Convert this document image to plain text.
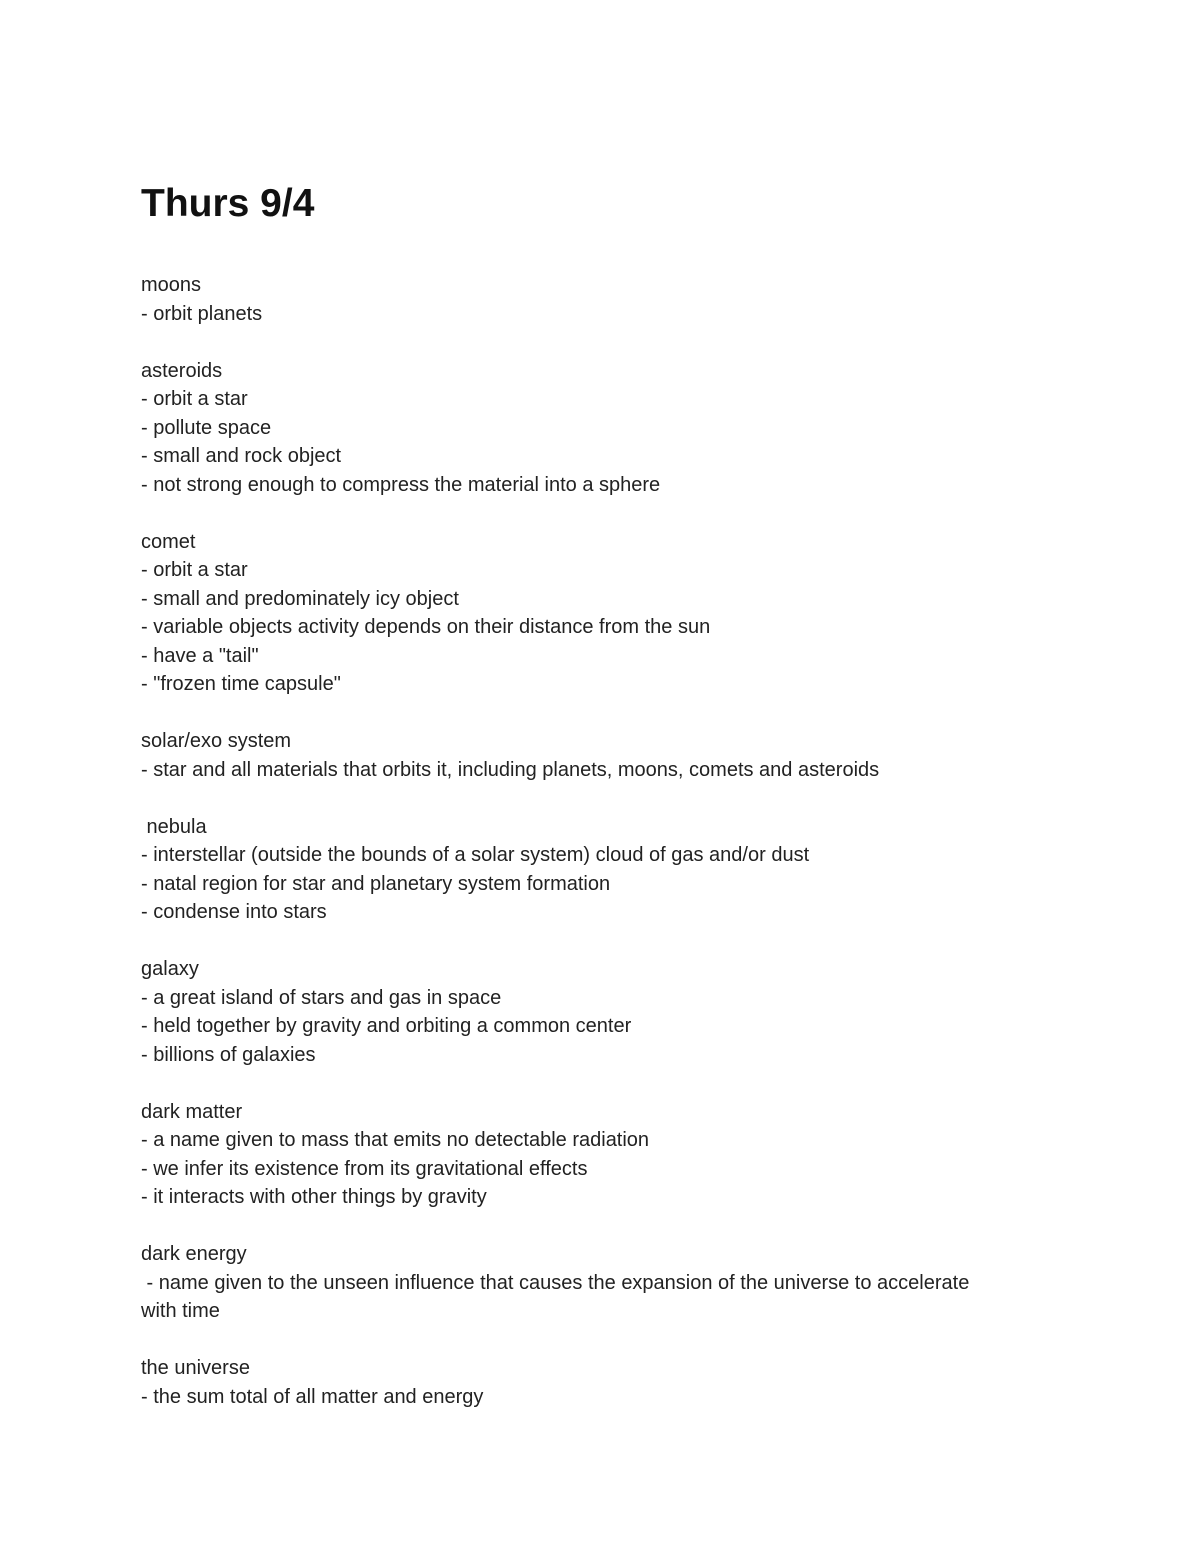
Thurs 9/4
moons
- orbit planets
asteroids
- orbit a star
- pollute space
- small and rock object
- not strong enough to compress the material into a sphere
comet
- orbit a star
- small and predominately icy object
- variable objects activity depends on their distance from the sun
- have a "tail"
- "frozen time capsule"
solar/exo system
- star and all materials that orbits it, including planets, moons, comets and asteroids
nebula
- interstellar (outside the bounds of a solar system) cloud of gas and/or dust
- natal region for star and planetary system formation
- condense into stars
galaxy
- a great island of stars and gas in space
- held together by gravity and orbiting a common center
- billions of galaxies
dark matter
- a name given to mass that emits no detectable radiation
- we infer its existence from its gravitational effects
- it interacts with other things by gravity
dark energy
- name given to the unseen influence that causes the expansion of the universe to accelerate
with time
the universe
- the sum total of all matter and energy
